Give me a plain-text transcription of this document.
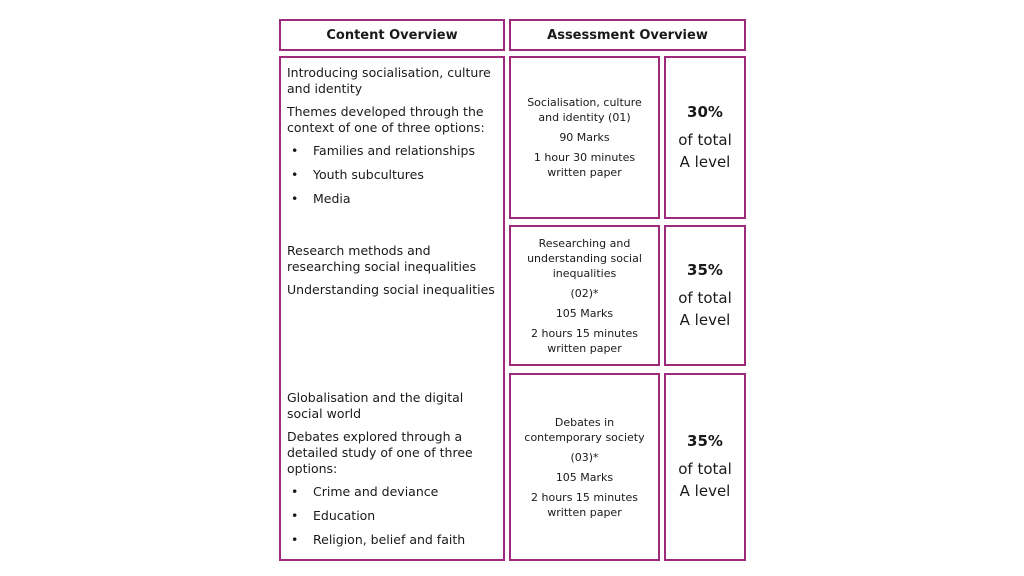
Content Overview	Assessment Overview

Introducing socialisation, culture and identity

Themes developed through the context of one of three options:

• Families and relationships
• Youth subcultures
• Media

Research methods and researching social inequalities

Understanding social inequalities

Globalisation and the digital social world

Debates explored through a detailed study of one of three options:

• Crime and deviance
• Education
• Religion, belief and faith

Socialisation, culture and identity (01)

90 Marks

1 hour 30 minutes written paper

30%
of total
A level

Researching and understanding social inequalities

(02)*

105 Marks

2 hours 15 minutes written paper

35%
of total
A level

Debates in contemporary society

(03)*

105 Marks

2 hours 15 minutes written paper

35%
of total
A level
